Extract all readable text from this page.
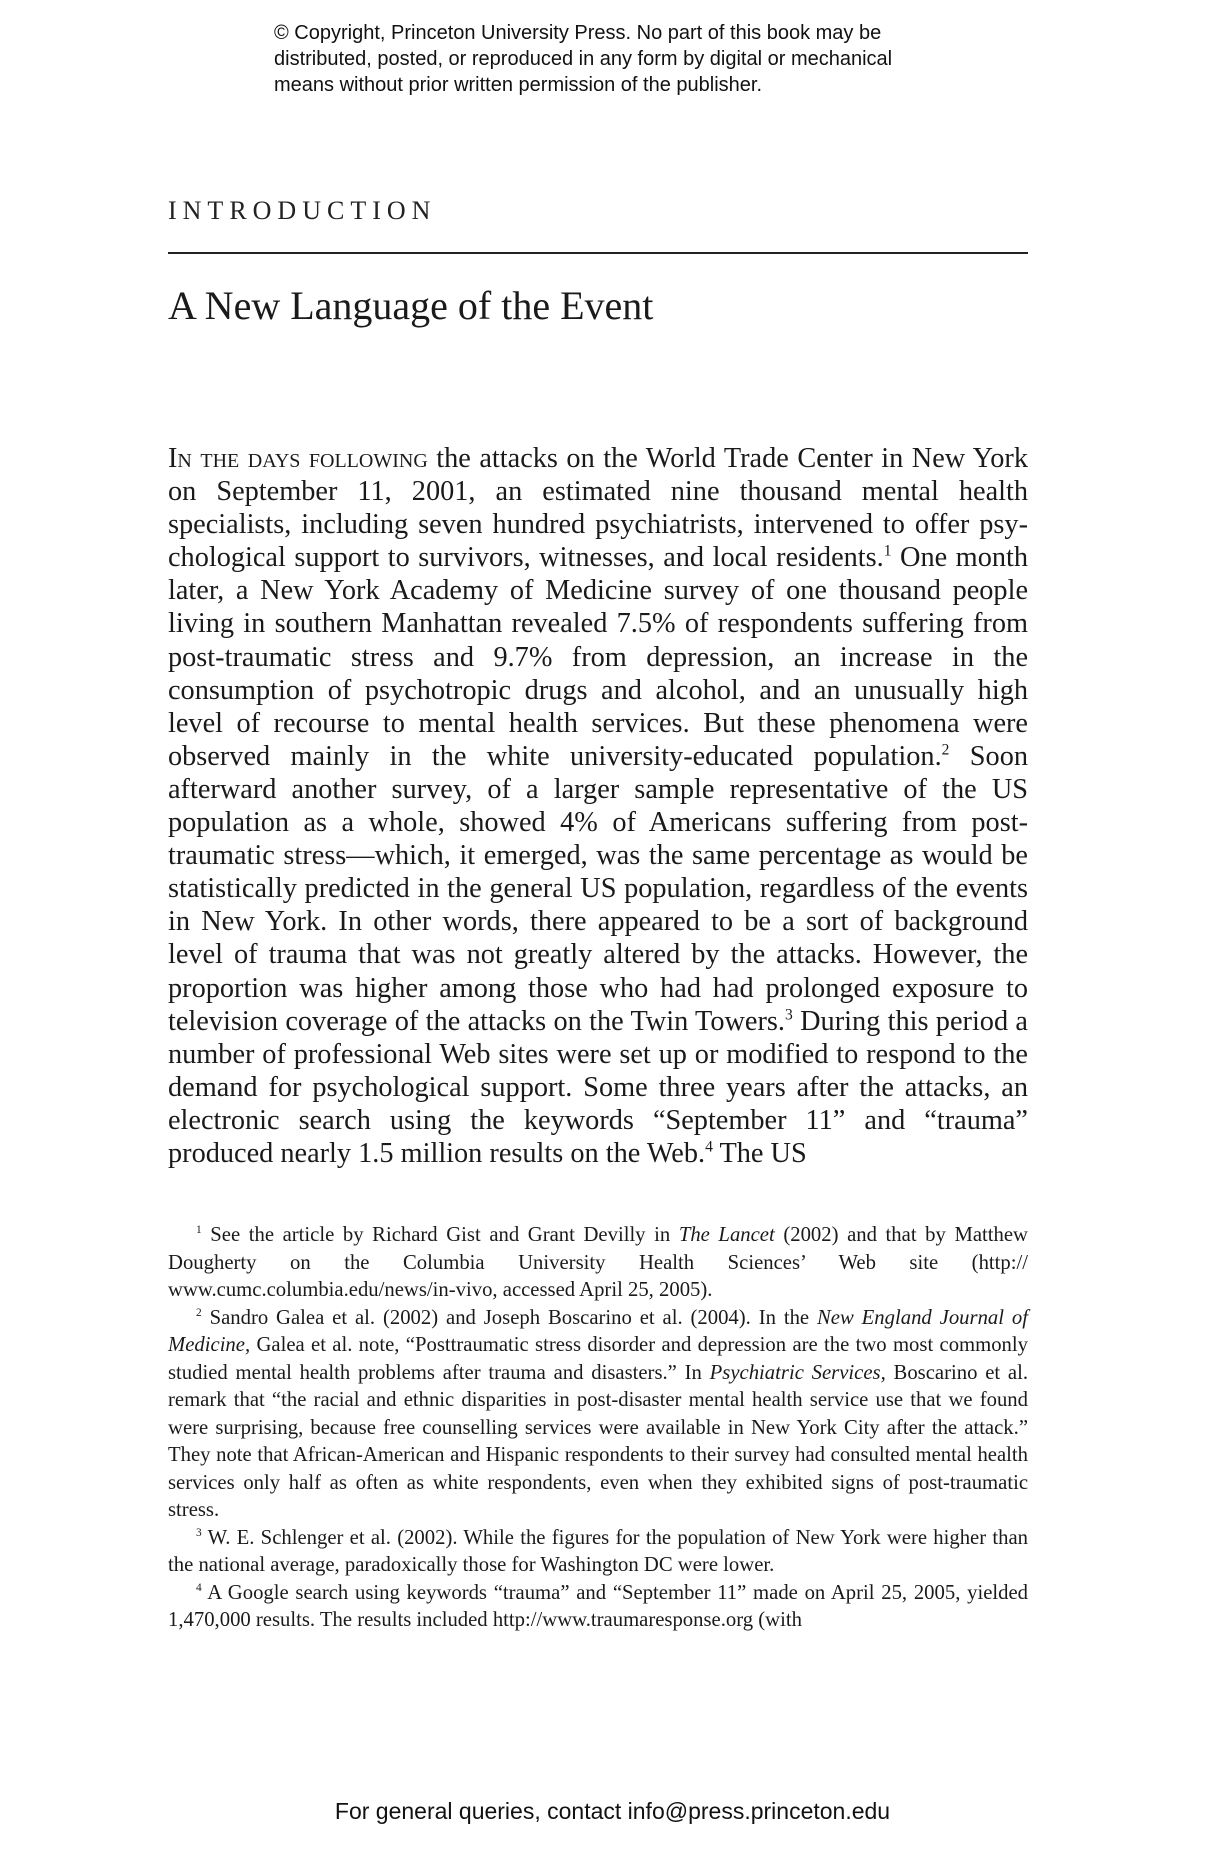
© Copyright, Princeton University Press. No part of this book may be
distributed, posted, or reproduced in any form by digital or mechanical
means without prior written permission of the publisher.
INTRODUCTION
A New Language of the Event

In the days following the attacks on the World Trade Center in New York on September 11, 2001, an estimated nine thousand mental health specialists, including seven hundred psychiatrists, intervened to offer psychological support to survivors, witnesses, and local residents.$^1$ One month later, a New York Academy of Medicine survey of one thousand people living in southern Manhattan revealed 7.5% of respondents suffering from post-traumatic stress and 9.7% from depression, an increase in the consumption of psychotropic drugs and alcohol, and an unusually high level of recourse to mental health services. But these phenomena were observed mainly in the white university-educated population.$^2$ Soon afterward another survey, of a larger sample representative of the US population as a whole, showed 4% of Americans suffering from post-traumatic stress—which, it emerged, was the same percentage as would be statistically predicted in the general US population, regardless of the events in New York. In other words, there appeared to be a sort of background level of trauma that was not greatly altered by the attacks. However, the proportion was higher among those who had had prolonged exposure to television coverage of the attacks on the Twin Towers.$^3$ During this period a number of professional Web sites were set up or modified to respond to the demand for psychological support. Some three years after the attacks, an electronic search using the keywords “September 11” and “trauma” produced nearly 1.5 million results on the Web.$^4$ The US

$^1$ See the article by Richard Gist and Grant Devilly in The Lancet (2002) and that by Matthew Dougherty on the Columbia University Health Sciences’ Web site (http://​www.cumc.columbia.edu/news/in-vivo, accessed April 25, 2005).

$^2$ Sandro Galea et al. (2002) and Joseph Boscarino et al. (2004). In the New England Journal of Medicine, Galea et al. note, “Posttraumatic stress disorder and depression are the two most commonly studied mental health problems after trauma and disasters.” In Psychiatric Services, Boscarino et al. remark that “the racial and ethnic disparities in post-disaster mental health service use that we found were surprising, because free counselling services were available in New York City after the attack.” They note that African-American and Hispanic respondents to their survey had consulted mental health services only half as often as white respondents, even when they exhibited signs of post-traumatic stress.

$^3$ W. E. Schlenger et al. (2002). While the figures for the population of New York were higher than the national average, paradoxically those for Washington DC were lower.

$^4$ A Google search using keywords “trauma” and “September 11” made on April 25, 2005, yielded 1,470,000 results. The results included http://www.traumaresponse.org (with

For general queries, contact info@press.princeton.edu
